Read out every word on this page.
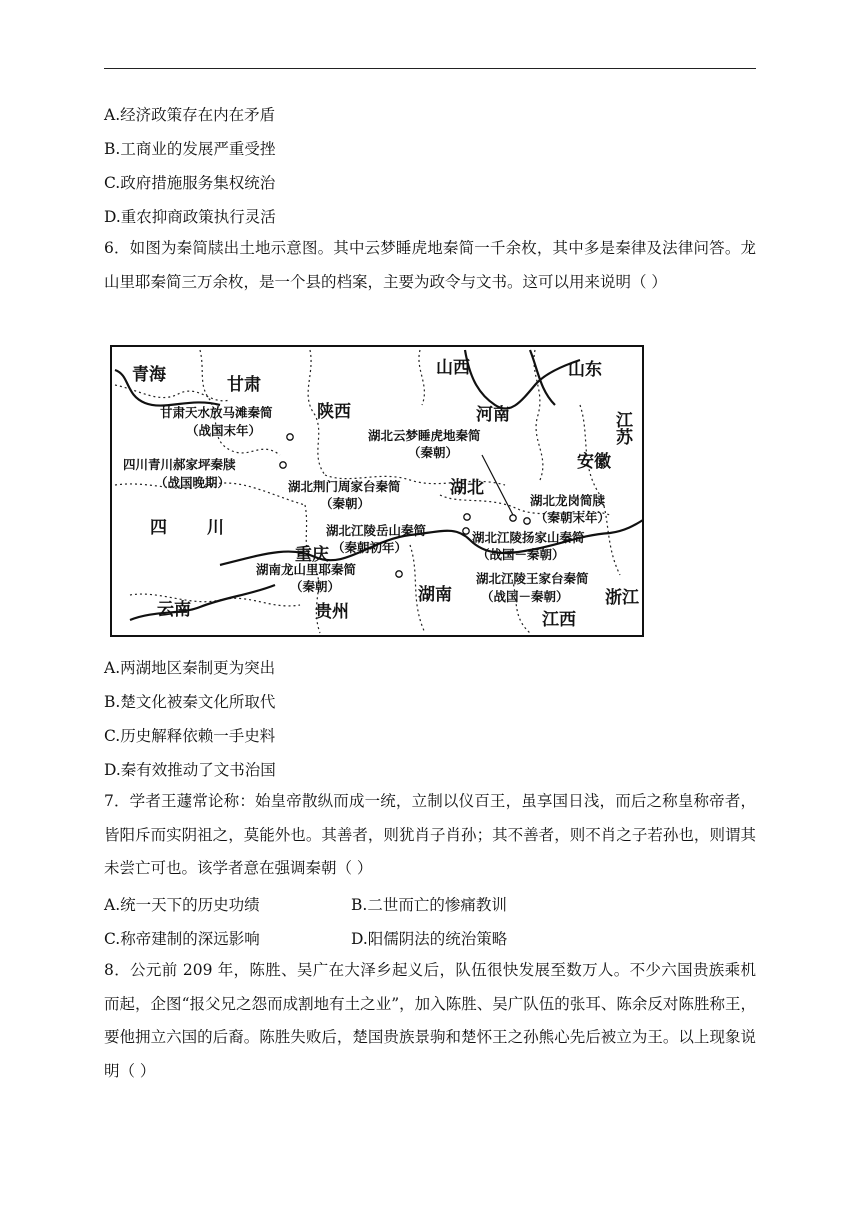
A.经济政策存在内在矛盾
B.工商业的发展严重受挫
C.政府措施服务集权统治
D.重农抑商政策执行灵活
6．如图为秦简牍出土地示意图。其中云梦睡虎地秦简一千余枚，其中多是秦律及法律问答。龙山里耶秦简三万余枚，是一个县的档案，主要为政令与文书。这可以用来说明（ ）
青海	甘肃
山西	山东
陕西	河南	江苏
安徽
四川
湖北
重庆
湖南
云南	贵州
浙江
江西
甘肃天水放马滩秦简
（战国末年）	湖北云梦睡虎地秦简
（秦朝）
四川青川郝家坪秦牍
（战国晚期）	湖北荆门周家台秦简
（秦朝）	湖北龙岗简牍
（秦朝末年）
湖北江陵岳山秦简
（秦朝初年）
湖北江陵扬家山秦简
（战国－秦朝）
湖南龙山里耶秦简
（秦朝）
湖北江陵王家台秦简
（战国－秦朝）
A.两湖地区秦制更为突出
B.楚文化被秦文化所取代
C.历史解释依赖一手史料
D.秦有效推动了文书治国
7．学者王蘧常论称：始皇帝散纵而成一统，立制以仪百王，虽享国日浅，而后之称皇称帝者，皆阳斥而实阴祖之，莫能外也。其善者，则犹肖子肖孙；其不善者，则不肖之子若孙也，则谓其未尝亡可也。该学者意在强调秦朝（ ）
A.统一天下的历史功绩	B.二世而亡的惨痛教训
C.称帝建制的深远影响	D.阳儒阴法的统治策略
8．公元前 209 年，陈胜、吴广在大泽乡起义后，队伍很快发展至数万人。不少六国贵族乘机而起，企图“报父兄之怨而成割地有土之业”，加入陈胜、吴广队伍的张耳、陈余反对陈胜称王，要他拥立六国的后裔。陈胜失败后，楚国贵族景驹和楚怀王之孙熊心先后被立为王。以上现象说明（ ）
